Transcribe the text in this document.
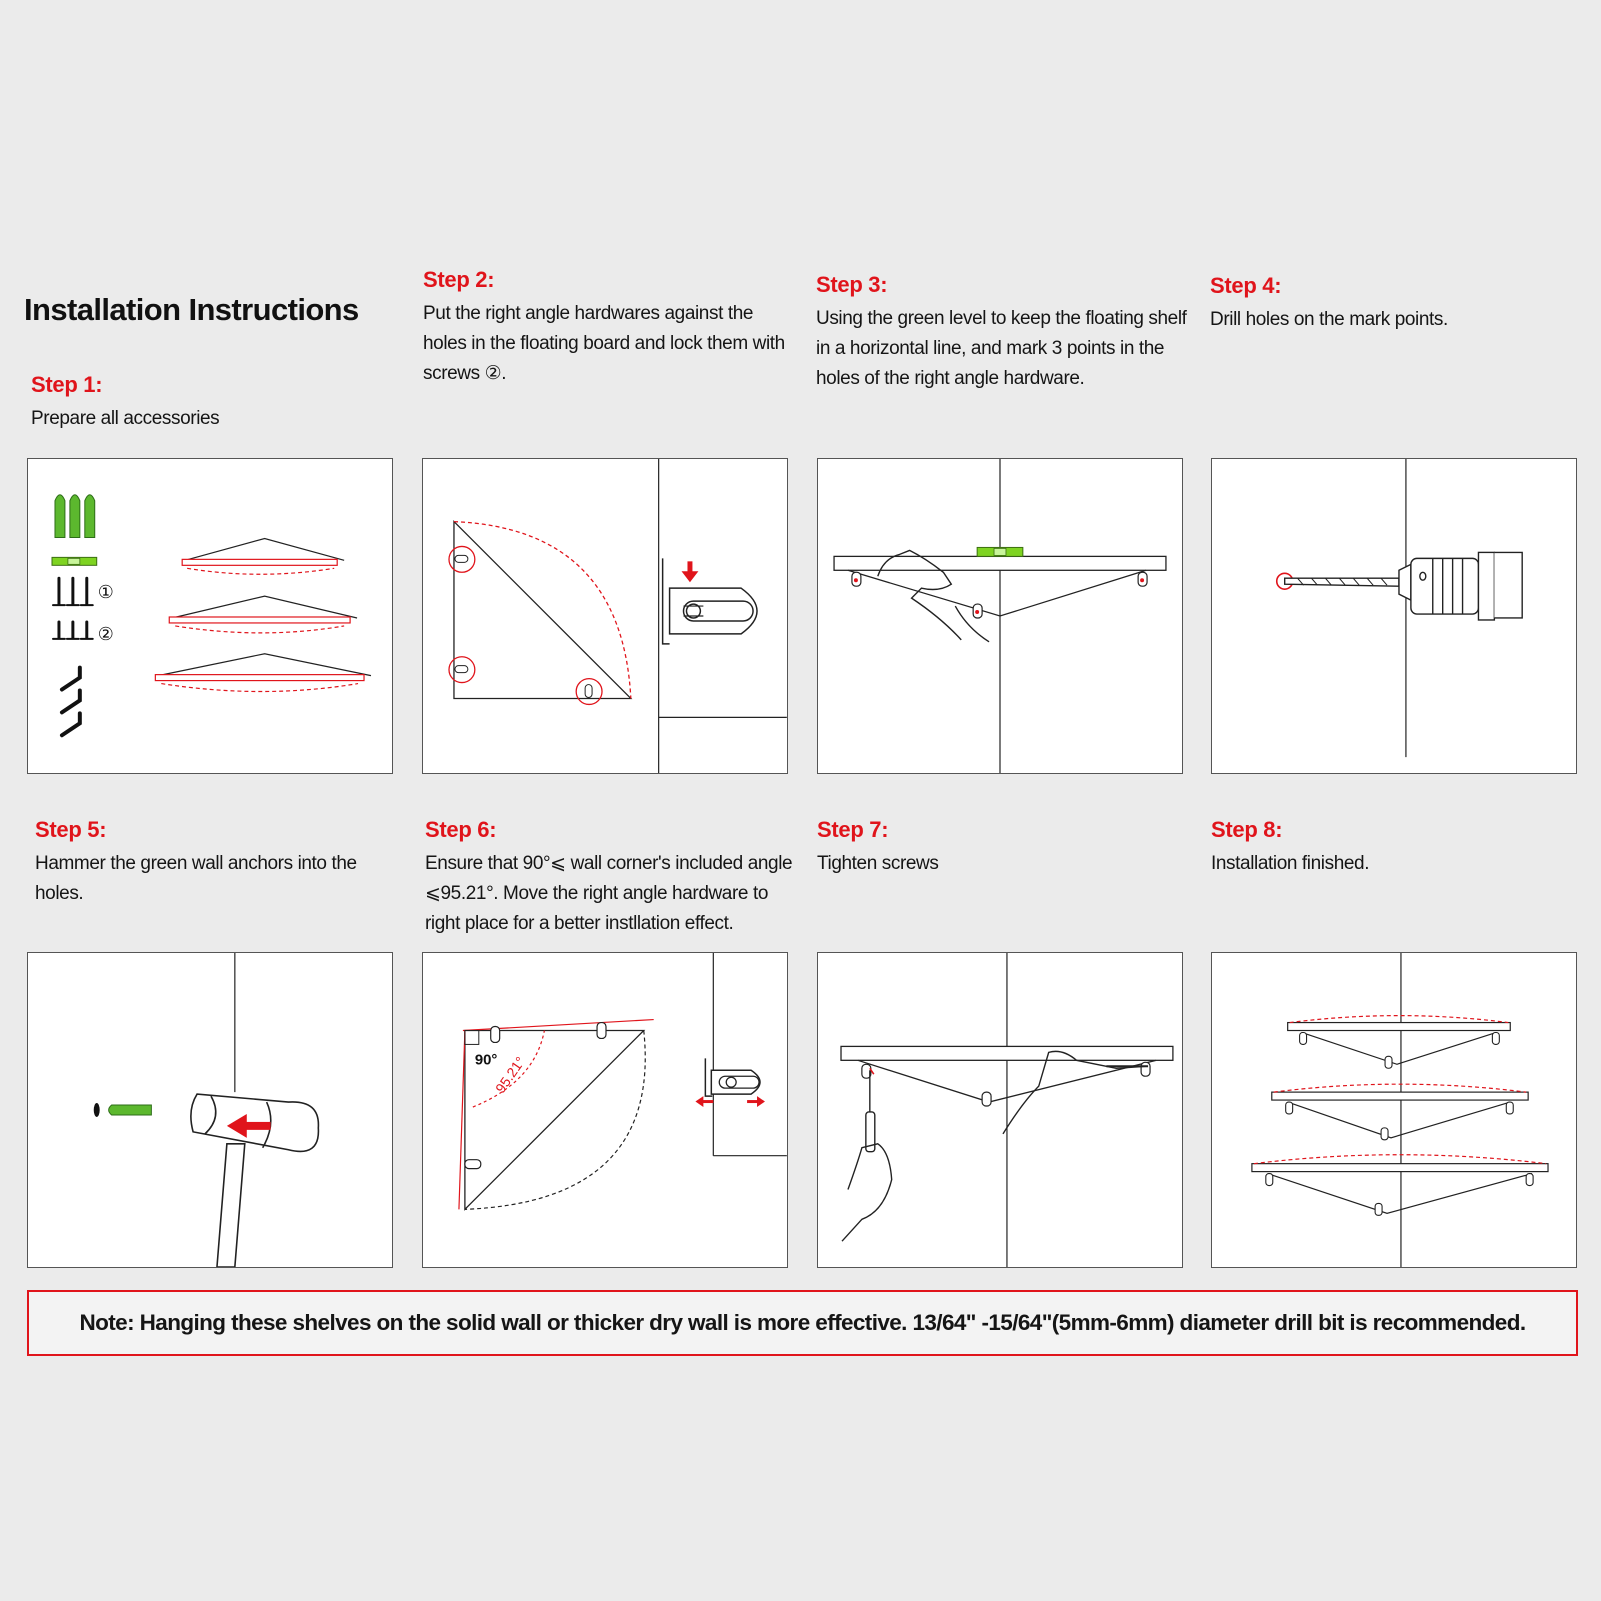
Installation Instructions
Step 1:
Prepare all accessories
Step 2:
Put the right angle hardwares against the holes in the floating board and lock them with screws ②.
Step 3:
Using the green level to keep the floating shelf in a horizontal line, and mark 3 points in the holes of the right angle hardware.
Step 4:
Drill holes on the mark points.
Step 5:
Hammer the green wall anchors into the holes.
Step 6:
Ensure that 90°⩽ wall corner's included angle ⩽95.21°. Move the right angle hardware to right place for a better instllation effect.
Step 7:
Tighten screws
Step 8:
Installation finished.
①
②
90°
95.21°
Note: Hanging these shelves on the solid wall or thicker dry wall is more effective. 13/64" -15/64"(5mm-6mm) diameter drill bit is recommended.
